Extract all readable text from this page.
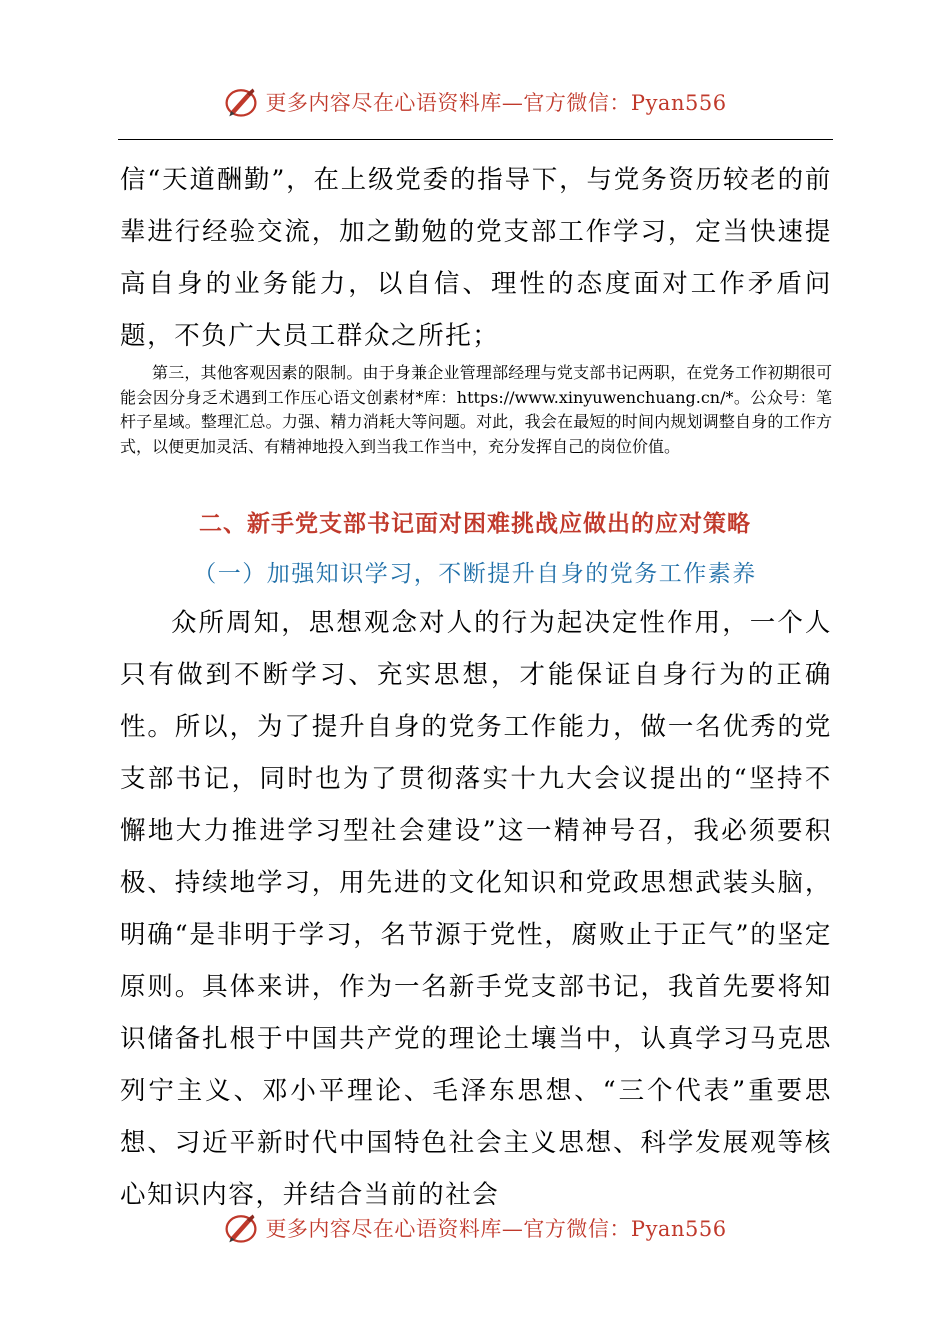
更多内容尽在心语资料库—官方微信：Pyan556
信“天道酬勤”，在上级党委的指导下，与党务资历较老的前辈进行经验交流，加之勤勉的党支部工作学习，定当快速提高自身的业务能力，以自信、理性的态度面对工作矛盾问题，不负广大员工群众之所托；

第三，其他客观因素的限制。由于身兼企业管理部经理与党支部书记两职，在党务工作初期很可能会因分身乏术遇到工作压心语文创素材*库：https://www.xinyuwenchuang.cn/*。公众号：笔杆子星域。整理汇总。力强、精力消耗大等问题。对此，我会在最短的时间内规划调整自身的工作方式，以便更加灵活、有精神地投入到当我工作当中，充分发挥自己的岗位价值。

二、新手党支部书记面对困难挑战应做出的应对策略
（一）加强知识学习，不断提升自身的党务工作素养
众所周知，思想观念对人的行为起决定性作用，一个人只有做到不断学习、充实思想，才能保证自身行为的正确性。所以，为了提升自身的党务工作能力，做一名优秀的党支部书记，同时也为了贯彻落实十九大会议提出的“坚持不懈地大力推进学习型社会建设”这一精神号召，我必须要积极、持续地学习，用先进的文化知识和党政思想武装头脑，明确“是非明于学习，名节源于党性，腐败止于正气”的坚定原则。具体来讲，作为一名新手党支部书记，我首先要将知识储备扎根于中国共产党的理论土壤当中，认真学习马克思列宁主义、邓小平理论、毛泽东思想、“三个代表”重要思想、习近平新时代中国特色社会主义思想、科学发展观等核心知识内容，并结合当前的社会
更多内容尽在心语资料库—官方微信：Pyan556
